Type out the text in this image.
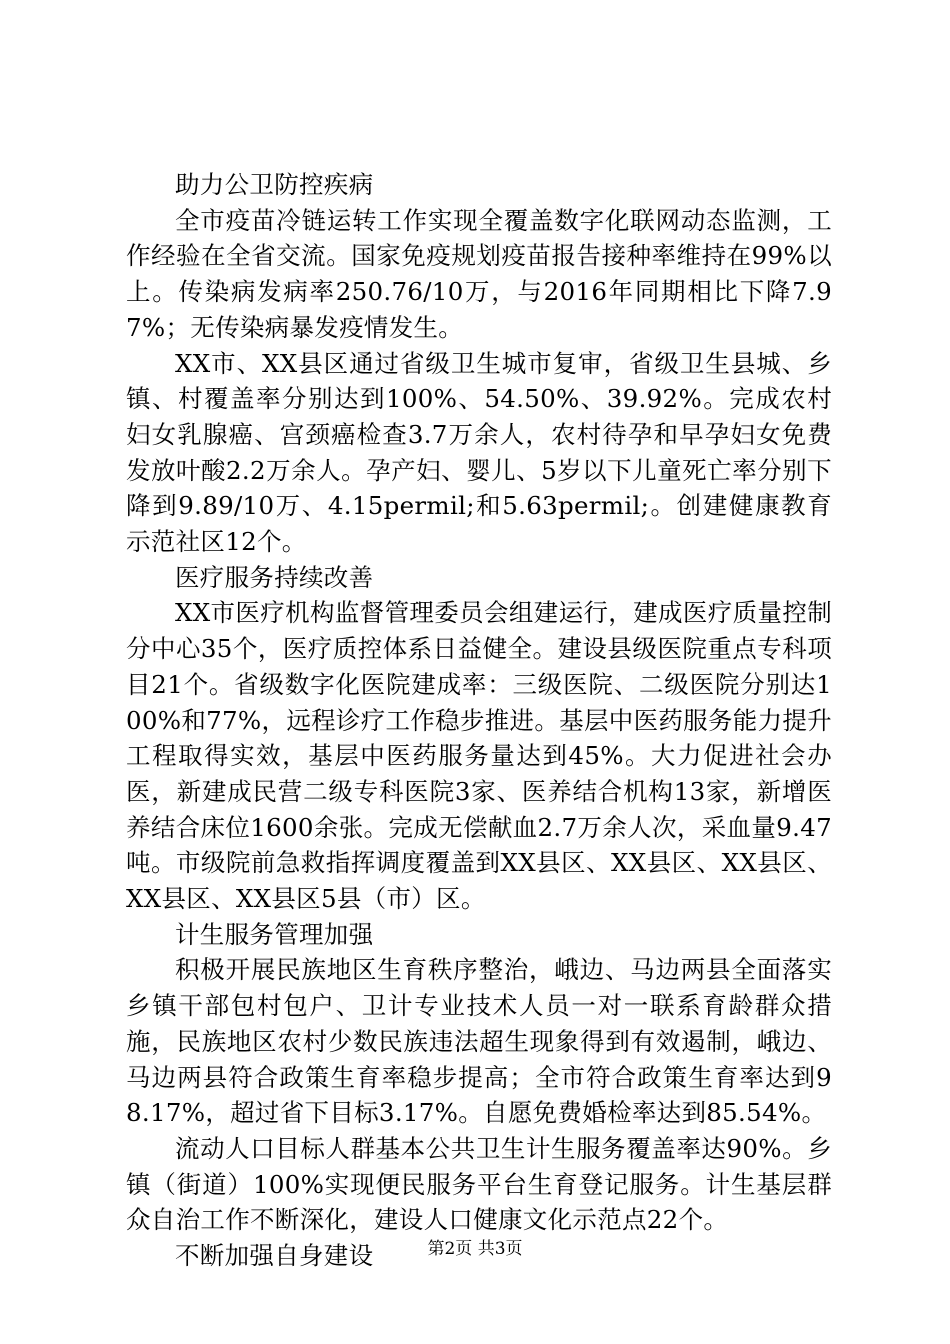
助力公卫防控疾病

全市疫苗冷链运转工作实现全覆盖数字化联网动态监测，工作经验在全省交流。国家免疫规划疫苗报告接种率维持在99%以上。传染病发病率250.76/10万，与2016年同期相比下降7.97%；无传染病暴发疫情发生。

XX市、XX县区通过省级卫生城市复审，省级卫生县城、乡镇、村覆盖率分别达到100%、54.50%、39.92%。完成农村妇女乳腺癌、宫颈癌检查3.7万余人，农村待孕和早孕妇女免费发放叶酸2.2万余人。孕产妇、婴儿、5岁以下儿童死亡率分别下降到9.89/10万、4.15permil;和5.63permil;。创建健康教育示范社区12个。

医疗服务持续改善

XX市医疗机构监督管理委员会组建运行，建成医疗质量控制分中心35个，医疗质控体系日益健全。建设县级医院重点专科项目21个。省级数字化医院建成率：三级医院、二级医院分别达100%和77%，远程诊疗工作稳步推进。基层中医药服务能力提升工程取得实效，基层中医药服务量达到45%。大力促进社会办医，新建成民营二级专科医院3家、医养结合机构13家，新增医养结合床位1600余张。完成无偿献血2.7万余人次，采血量9.47吨。市级院前急救指挥调度覆盖到XX县区、XX县区、XX县区、XX县区、XX县区5县（市）区。

计生服务管理加强

积极开展民族地区生育秩序整治，峨边、马边两县全面落实乡镇干部包村包户、卫计专业技术人员一对一联系育龄群众措施，民族地区农村少数民族违法超生现象得到有效遏制，峨边、马边两县符合政策生育率稳步提高；全市符合政策生育率达到98.17%，超过省下目标3.17%。自愿免费婚检率达到85.54%。

流动人口目标人群基本公共卫生计生服务覆盖率达90%。乡镇（街道）100%实现便民服务平台生育登记服务。计生基层群众自治工作不断深化，建设人口健康文化示范点22个。

不断加强自身建设	第2页 共3页
